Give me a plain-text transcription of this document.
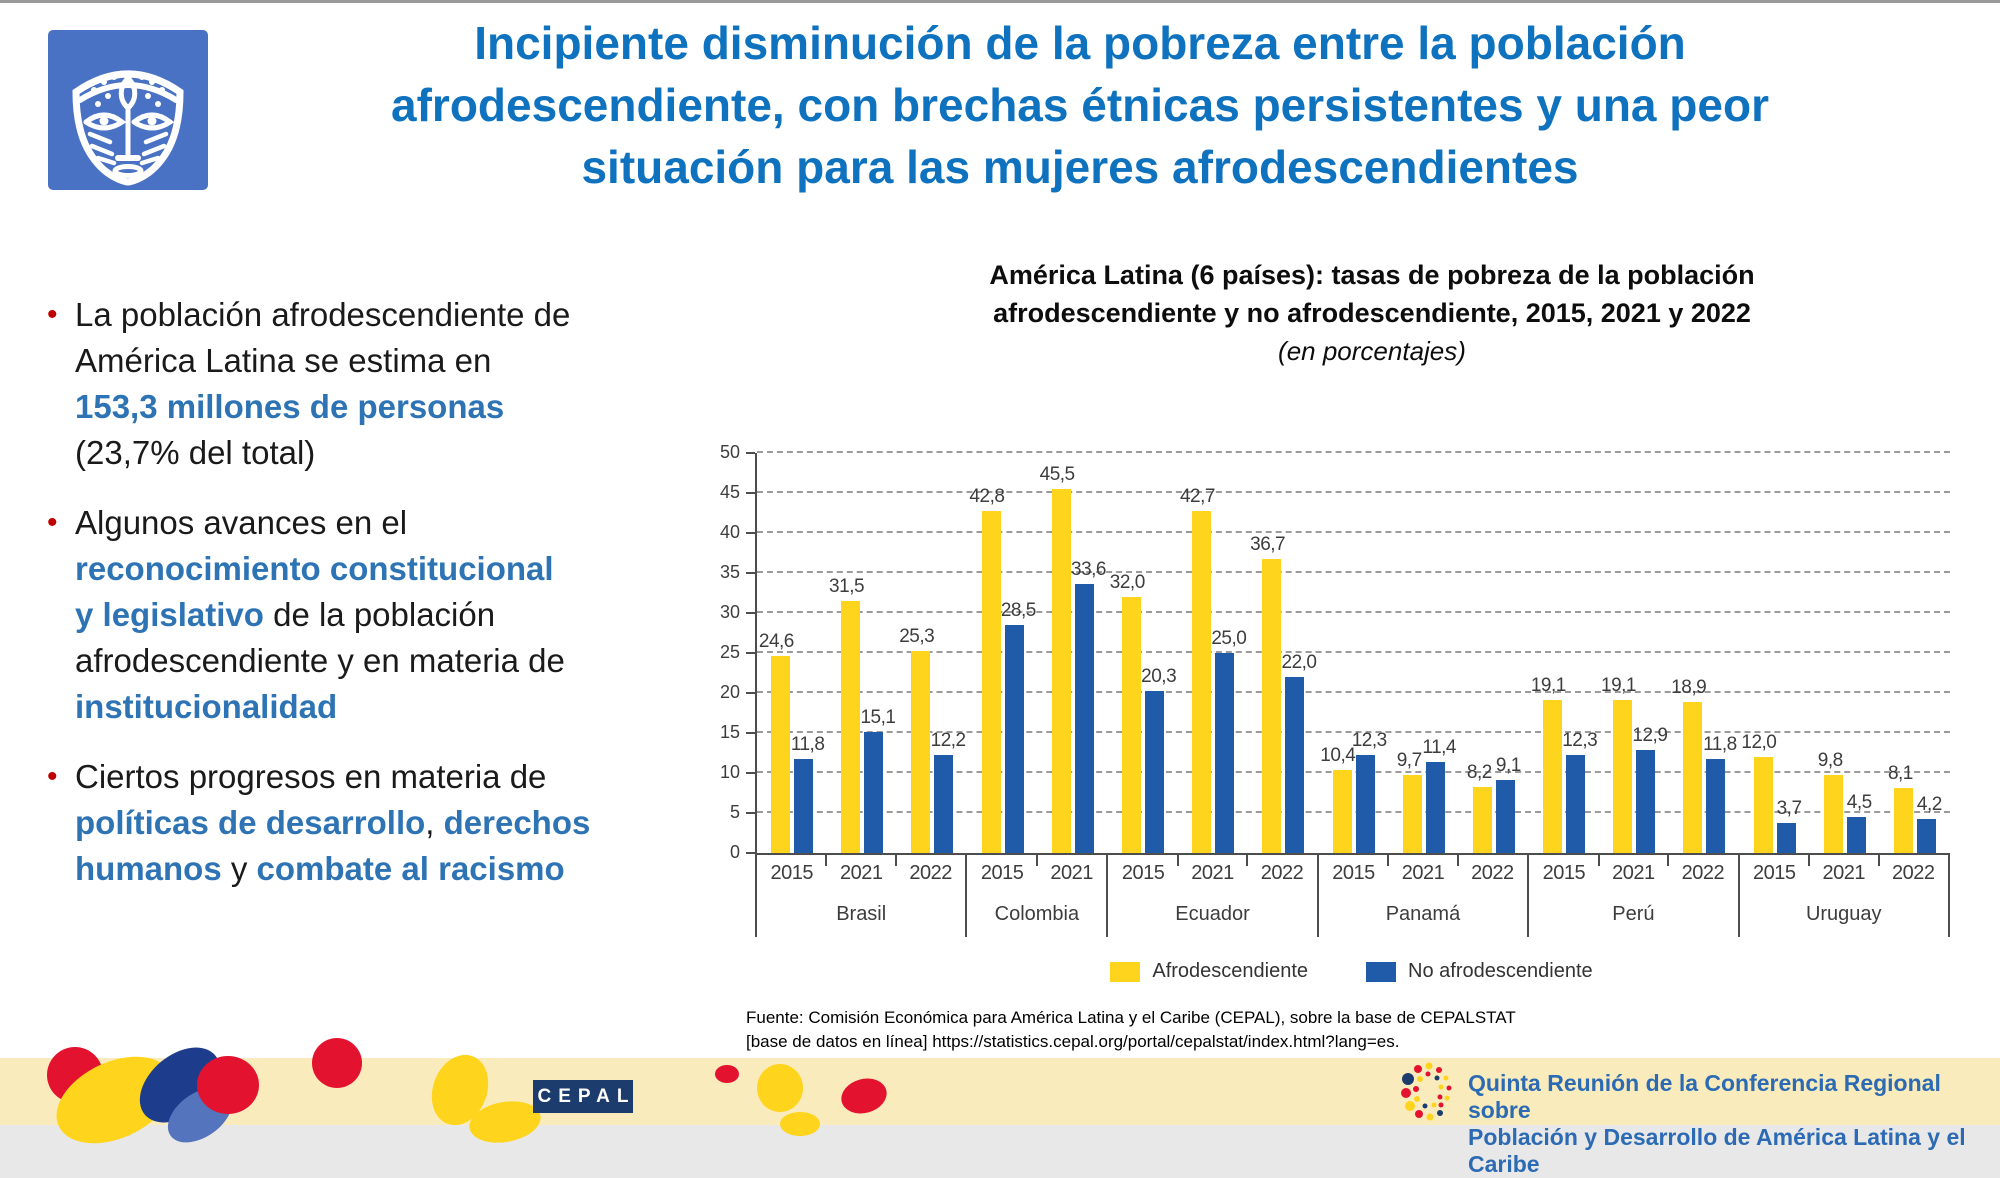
Incipiente disminución de la pobreza entre la población
afrodescendiente, con brechas étnicas persistentes y una peor
situación para las mujeres afrodescendientes
• La población afrodescendiente de
América Latina se estima en
153,3 millones de personas
(23,7% del total)
• Algunos avances en el
reconocimiento constitucional
y legislativo de la población
afrodescendiente y en materia de
institucionalidad
• Ciertos progresos en materia de
políticas de desarrollo, derechos
humanos y combate al racismo
América Latina (6 países): tasas de pobreza de la población
afrodescendiente y no afrodescendiente, 2015, 2021 y 2022
(en porcentajes)
0
5
10
15
20
25
30
35
40
45
50
24,6
11,8
31,5
15,1
25,3
12,2
42,8
28,5
45,5
33,6
32,0
20,3
42,7
25,0
36,7
22,0
10,4
12,3
9,7
11,4
8,2 9,1
19,1
12,3
19,1
12,9
18,9
11,8 12,0
3,7
9,8
4,5
8,1
4,2
2015 2021 2022
Brasil
2015 2021
Colombia
2015 2021 2022
Ecuador
2015 2021 2022
Panamá
2015 2021 2022
Perú
2015 2021 2022
Uruguay
Afrodescendiente	No afrodescendiente
Fuente: Comisión Económica para América Latina y el Caribe (CEPAL), sobre la base de CEPALSTAT
[base de datos en línea] https://statistics.cepal.org/portal/cepalstat/index.html?lang=es.
CEPAL	Quinta Reunión de la Conferencia Regional sobre
Población y Desarrollo de América Latina y el Caribe
